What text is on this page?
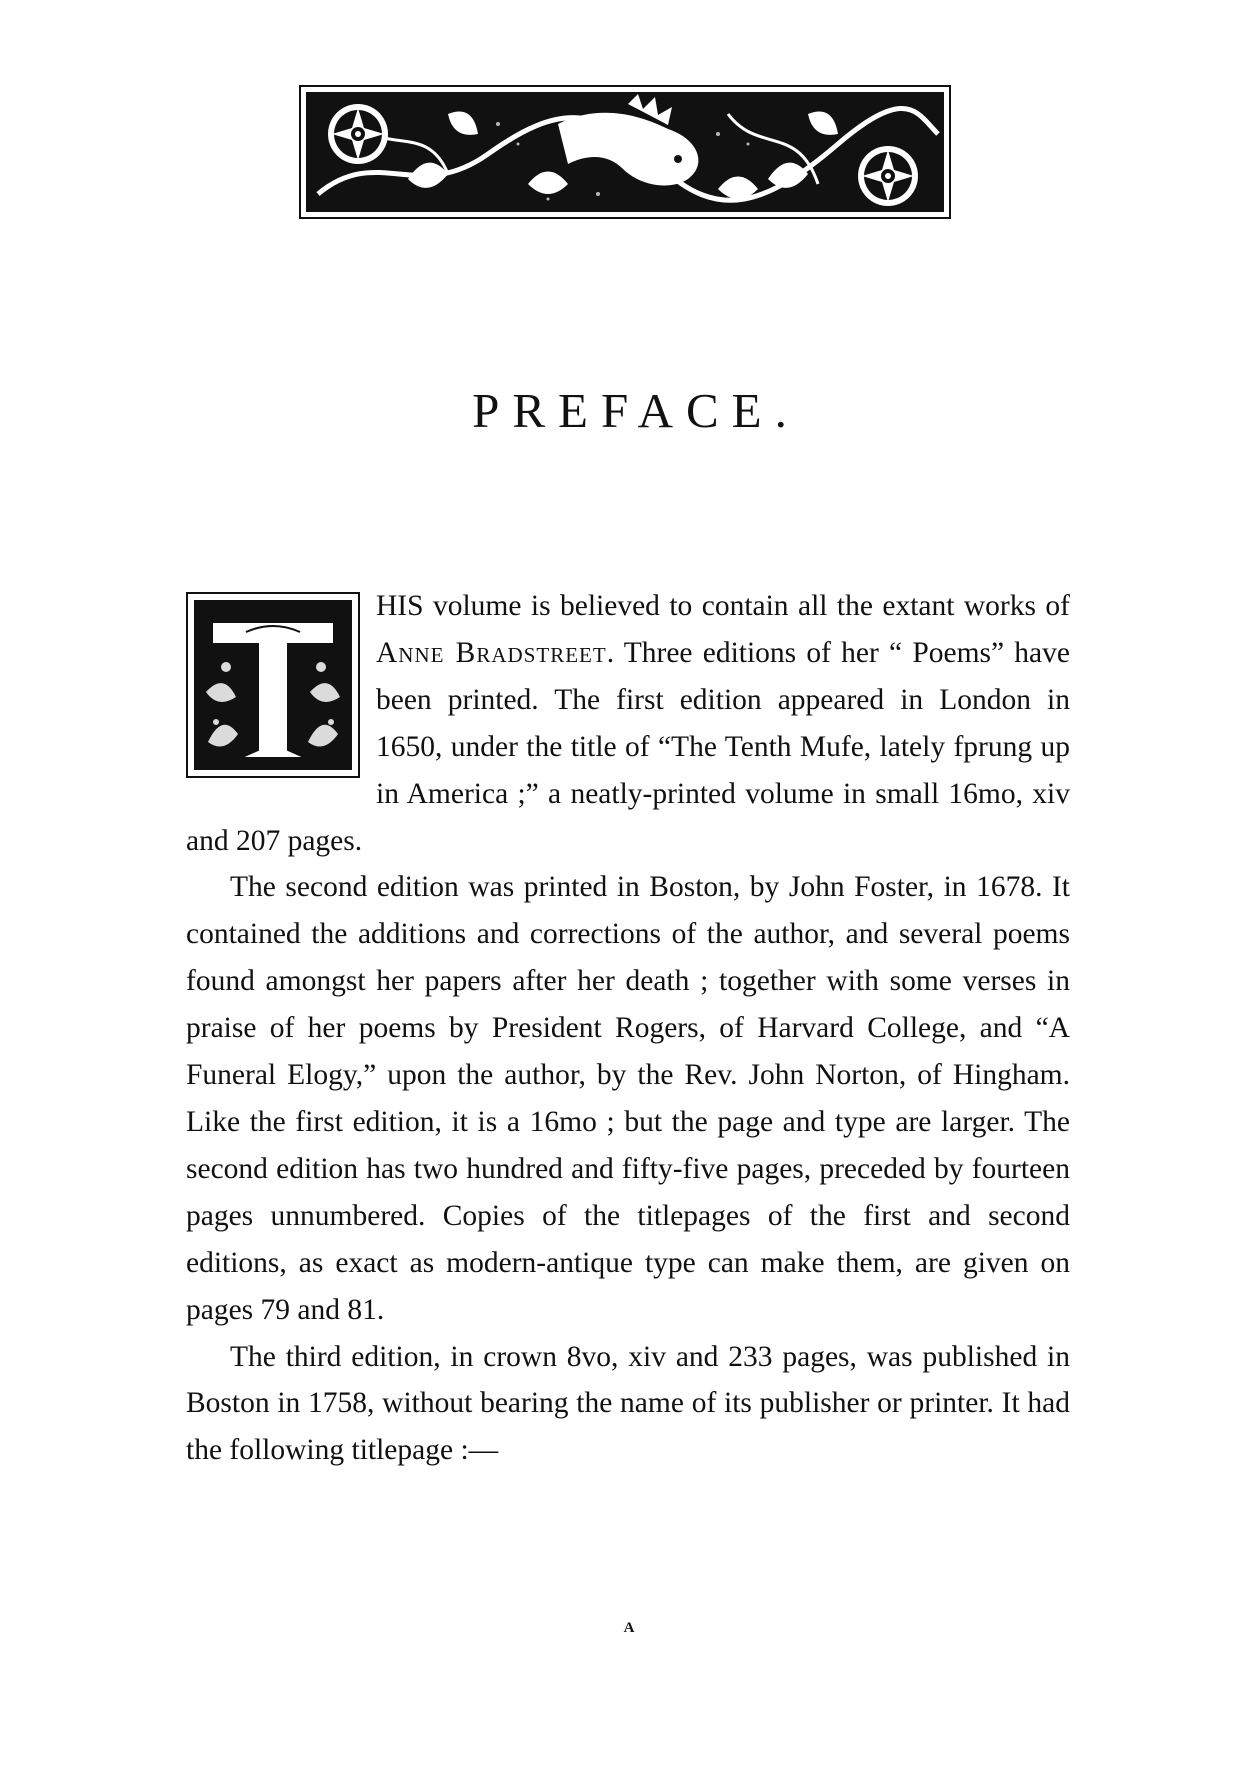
PREFACE.

HIS volume is believed to contain all the extant works of Anne Bradstreet. Three editions of her “ Poems” have been printed. The first edition appeared in London in 1650, under the title of “The Tenth Mufe, lately fprung up in America ;” a neatly-printed volume in small 16mo, xiv and 207 pages.

The second edition was printed in Boston, by John Foster, in 1678. It contained the additions and corrections of the author, and several poems found amongst her papers after her death ; together with some verses in praise of her poems by President Rogers, of Harvard College, and “A Funeral Elogy,” upon the author, by the Rev. John Norton, of Hingham. Like the first edition, it is a 16mo ; but the page and type are larger. The second edition has two hundred and fifty-five pages, preceded by fourteen pages unnumbered. Copies of the titlepages of the first and second editions, as exact as modern-antique type can make them, are given on pages 79 and 81.

The third edition, in crown 8vo, xiv and 233 pages, was published in Boston in 1758, without bearing the name of its publisher or printer. It had the following titlepage :—

A
